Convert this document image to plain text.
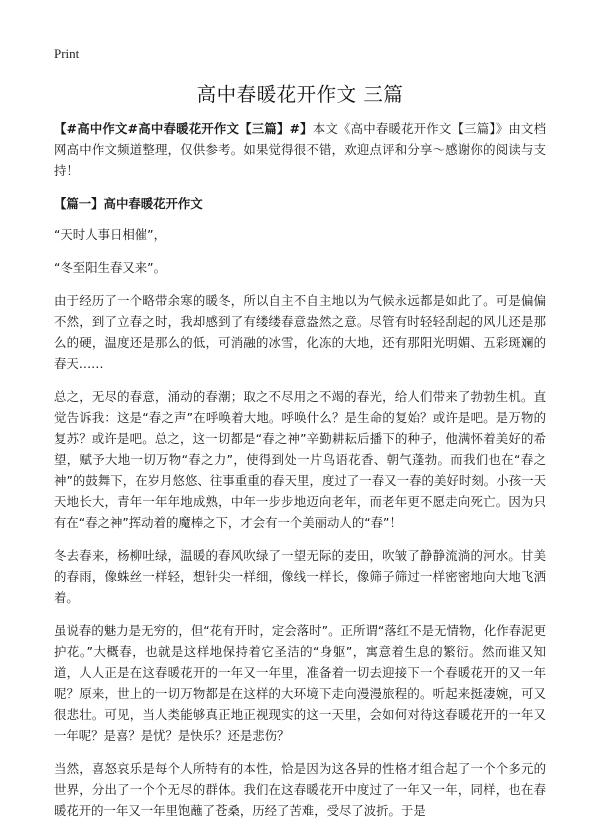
Print
高中春暖花开作文 三篇

【#高中作文#高中春暖花开作文【三篇】#】本文《高中春暖花开作文【三篇】》由文档网高中作文频道整理，仅供参考。如果觉得很不错，欢迎点评和分享～感谢你的阅读与支持！

【篇一】高中春暖花开作文

“天时人事日相催”，

“冬至阳生春又来”。

由于经历了一个略带余寒的暖冬，所以自主不自主地以为气候永远都是如此了。可是偏偏不然，到了立春之时，我却感到了有缕缕春意盎然之意。尽管有时轻轻刮起的风儿还是那么的硬，温度还是那么的低，可消融的冰雪，化冻的大地，还有那阳光明媚、五彩斑斓的春天……

总之，无尽的春意，涌动的春潮；取之不尽用之不竭的春光，给人们带来了勃勃生机。直觉告诉我：这是“春之声”在呼唤着大地。呼唤什么？是生命的复始？或许是吧。是万物的复苏？或许是吧。总之，这一切都是“春之神”辛勤耕耘后播下的种子，他满怀着美好的希望，赋予大地一切万物“春之力”，使得到处一片鸟语花香、朝气蓬勃。而我们也在“春之神”的鼓舞下，在岁月悠悠、往事重重的春天里，度过了一春又一春的美好时刻。小孩一天天地长大，青年一年年地成熟，中年一步步地迈向老年，而老年更不愿走向死亡。因为只有在“春之神”挥动着的魔棒之下，才会有一个美丽动人的“春”！

冬去春来，杨柳吐绿，温暖的春风吹绿了一望无际的麦田，吹皱了静静流淌的河水。甘美的春雨，像蛛丝一样轻，想针尖一样细，像线一样长，像筛子筛过一样密密地向大地飞洒着。

虽说春的魅力是无穷的，但“花有开时，定会落时”。正所谓“落红不是无情物，化作春泥更护花。”大概春，也就是这样地保持着它圣洁的“身躯”，寓意着生息的繁衍。然而谁又知道，人人正是在这春暖花开的一年又一年里，准备着一切去迎接下一个春暖花开的又一年呢？原来，世上的一切万物都是在这样的大环境下走向漫漫旅程的。听起来挺凄婉，可又很悲壮。可见，当人类能够真正地正视现实的这一天里，会如何对待这春暖花开的一年又一年呢？是喜？是忧？是快乐？还是悲伤？

当然，喜怒哀乐是每个人所特有的本性，恰是因为这各异的性格才组合起了一个个多元的世界，分出了一个个无尽的群体。我们在这春暖花开中度过了一年又一年，同样，也在春暖花开的一年又一年里饱蘸了苍桑，历经了苦难，受尽了波折。于是
